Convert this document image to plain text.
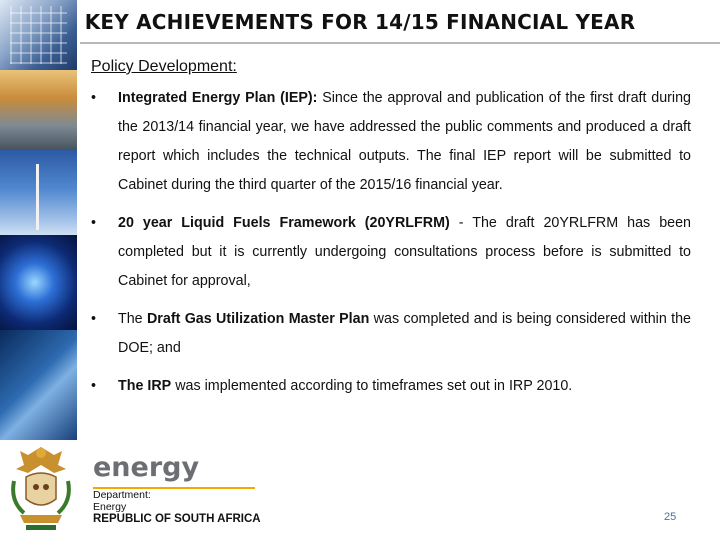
KEY ACHIEVEMENTS FOR 14/15 FINANCIAL YEAR
Policy Development:
• Integrated Energy Plan (IEP): Since the approval and publication of the first draft during the 2013/14 financial year, we have addressed the public comments and produced a draft report which includes the technical outputs. The final IEP report will be submitted to Cabinet during the third quarter of the 2015/16 financial year.
• 20 year Liquid Fuels Framework (20YRLFRM) - The draft 20YRLFRM has been completed but it is currently undergoing consultations process before is submitted to Cabinet for approval,
• The Draft Gas Utilization Master Plan was completed and is being considered within the DOE; and
• The IRP was implemented according to timeframes set out in IRP 2010.
energy
Department:
Energy
REPUBLIC OF SOUTH AFRICA	25
